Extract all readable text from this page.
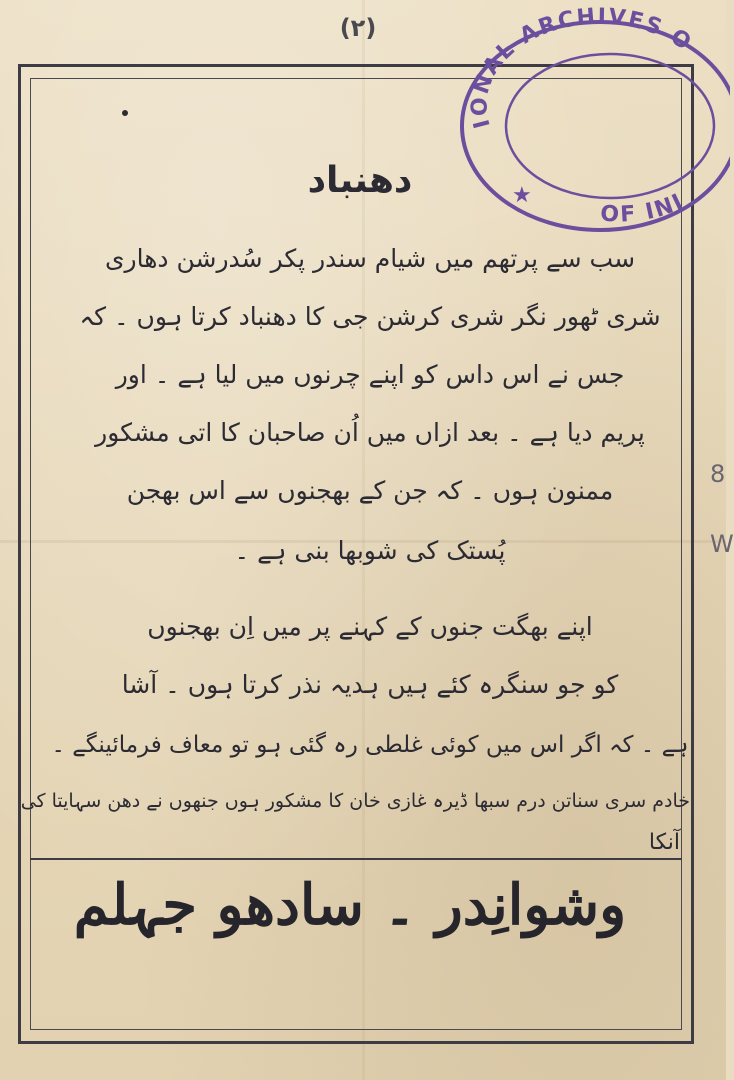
(۲)
دھنباد
سب سے پرتھم میں شیام سندر پکر سُدرشن دھاری
شری ٹھور نگر شری کرشن جی کا دھنباد کرتا ہوں ۔ کہ
جس نے اس داس کو اپنے چرنوں میں لیا ہے ۔ اور
پریم دیا ہے ۔ بعد ازاں میں اُن صاحبان کا اتی مشکور
ممنون ہوں ۔ کہ جن کے بھجنوں سے اس بھجن
پُستک کی شوبھا بنی ہے ۔
اپنے بھگت جنوں کے کہنے پر میں اِن بھجنوں
کو جو سنگرہ کئے ہیں ہدیہ نذر کرتا ہوں ۔ آشا
ہے ۔ کہ اگر اس میں کوئی غلطی رہ گئی ہو تو معاف فرمائینگے ۔
خادم سری سناتن درم سبھا ڈیرہ غازی خان کا مشکور ہوں جنھوں نے دھن سہایتا کی
آنکا
وشوانِدر ۔ سادھو جہلم
8
W
IONAL ARCHIVES O
OF INI
★
